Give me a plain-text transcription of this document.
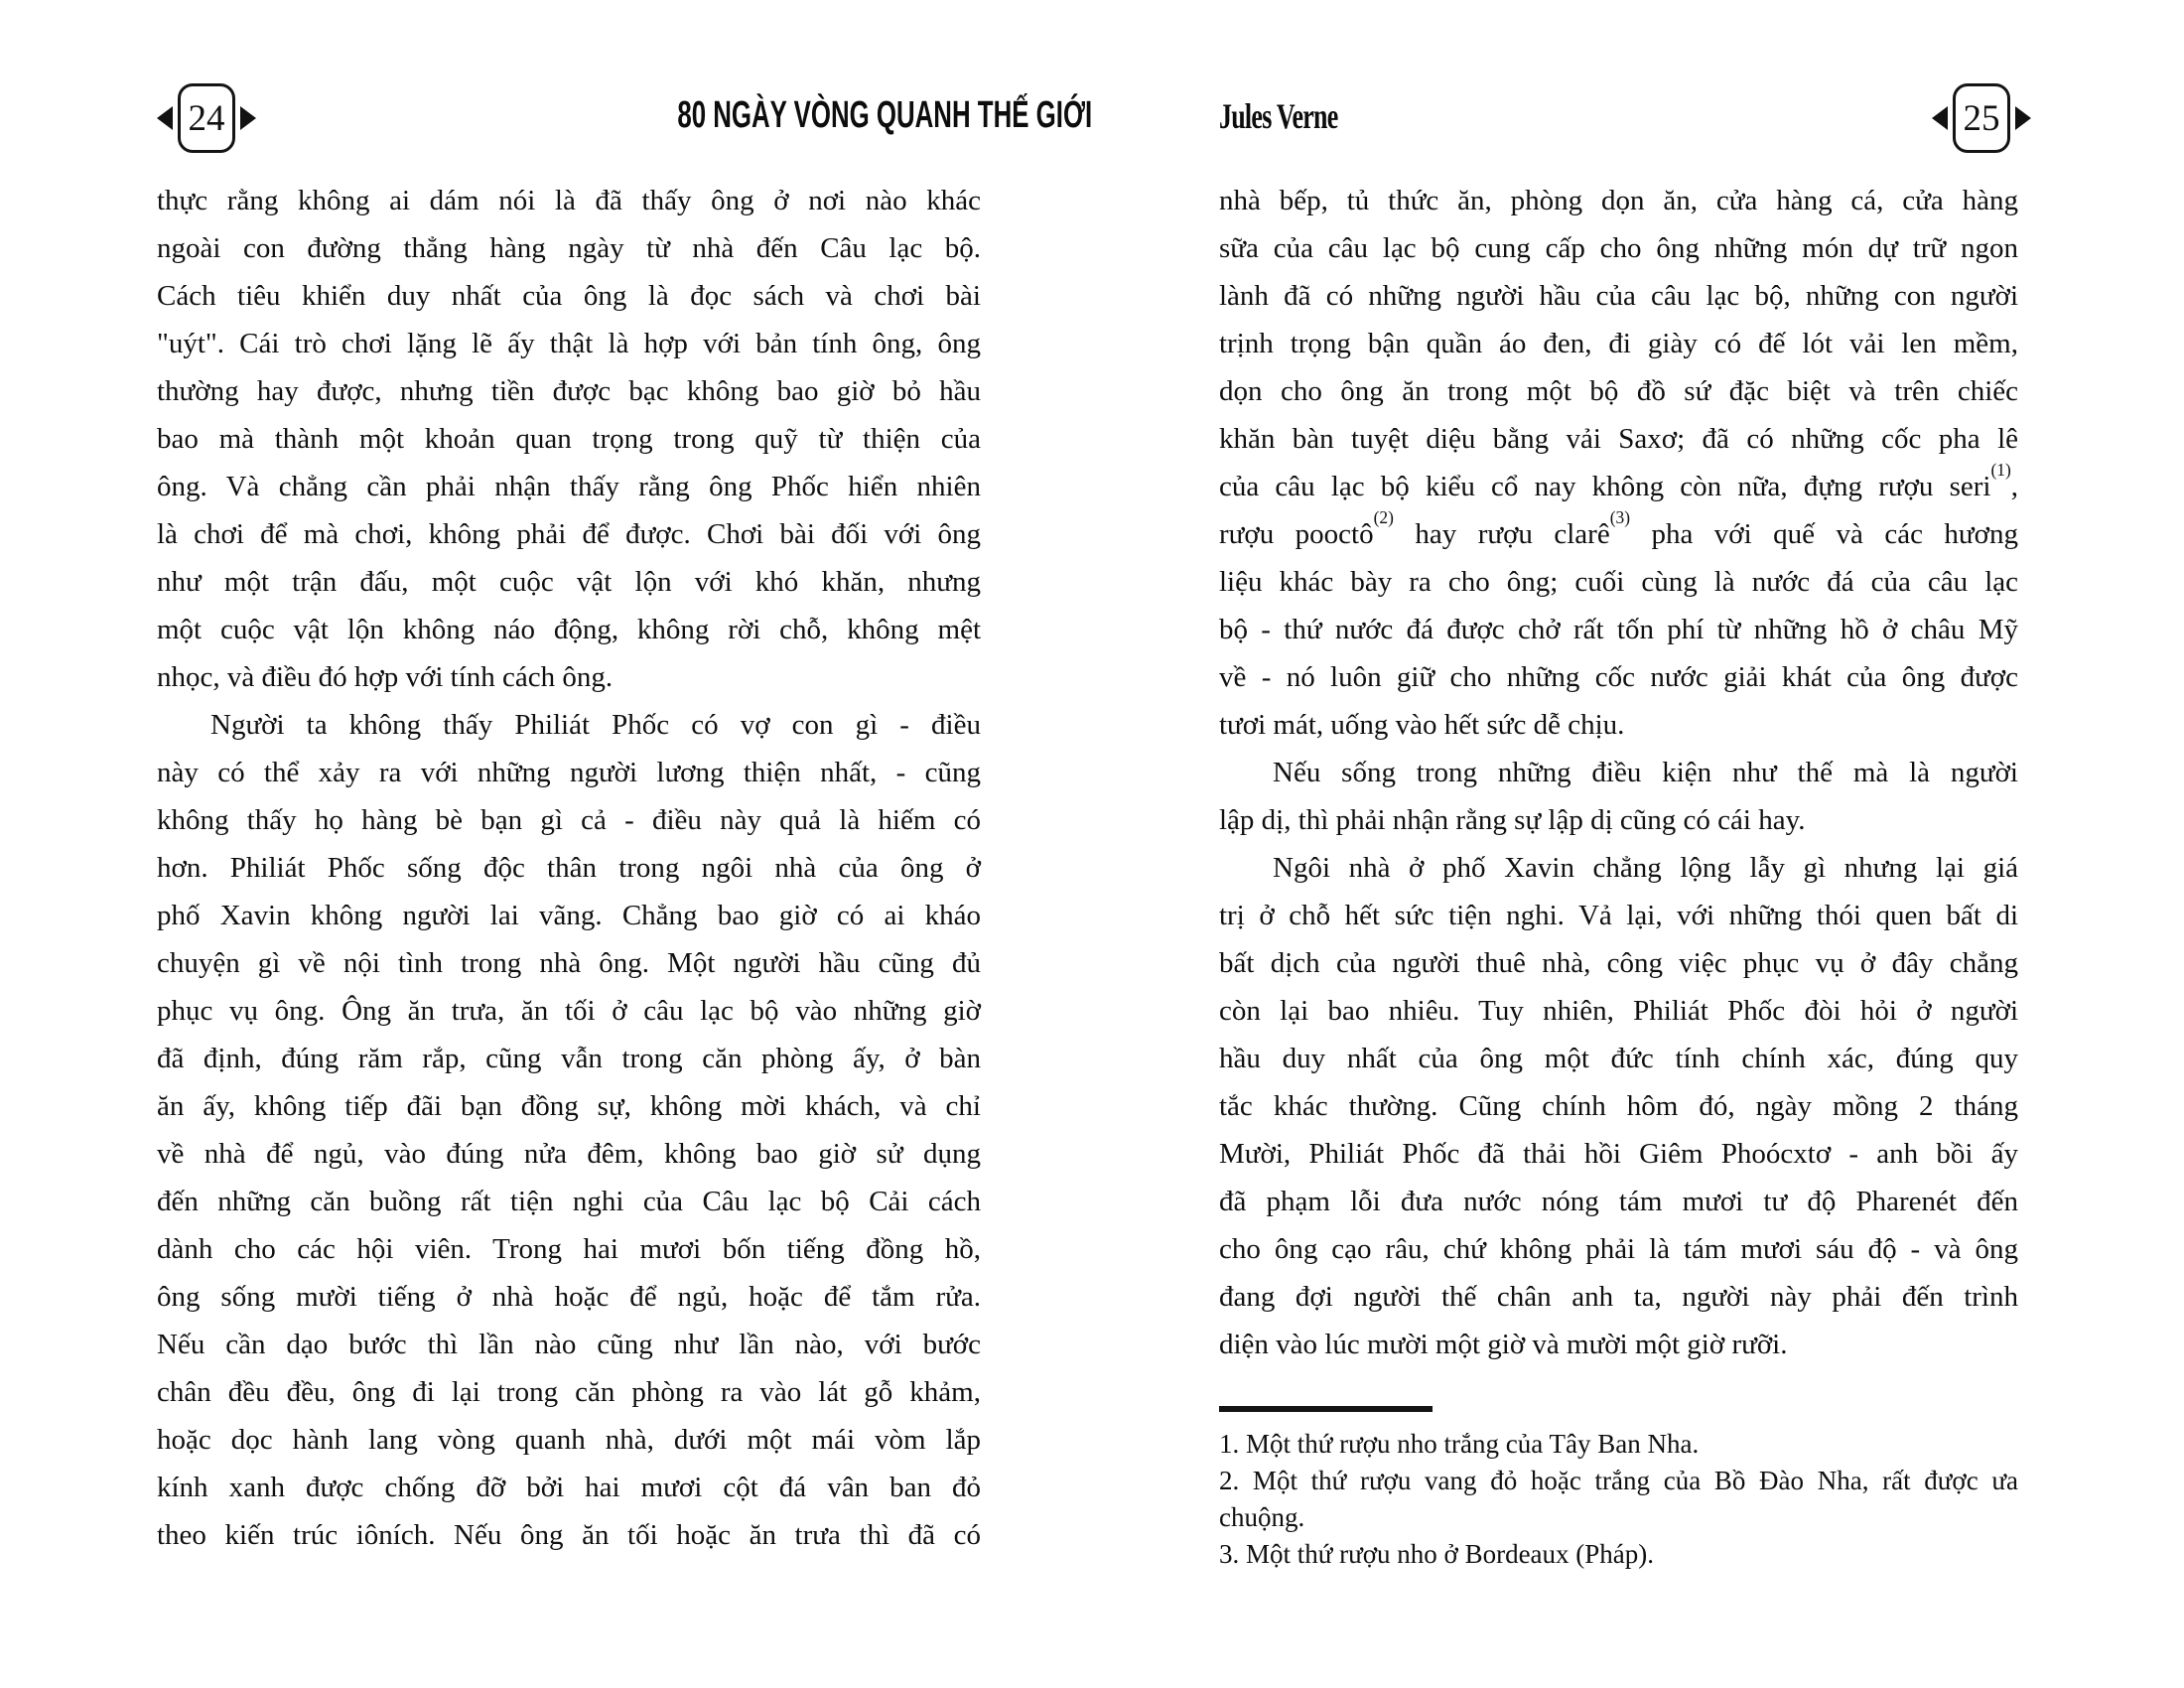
24	80 NGÀY VÒNG QUANH THẾ GIỚI	Jules Verne	25
thực rằng không ai dám nói là đã thấy ông ở nơi nào khác
ngoài con đường thẳng hàng ngày từ nhà đến Câu lạc bộ.
Cách tiêu khiển duy nhất của ông là đọc sách và chơi bài
"uýt". Cái trò chơi lặng lẽ ấy thật là hợp với bản tính ông, ông
thường hay được, nhưng tiền được bạc không bao giờ bỏ hầu
bao mà thành một khoản quan trọng trong quỹ từ thiện của
ông. Và chẳng cần phải nhận thấy rằng ông Phốc hiển nhiên
là chơi để mà chơi, không phải để được. Chơi bài đối với ông
như một trận đấu, một cuộc vật lộn với khó khăn, nhưng
một cuộc vật lộn không náo động, không rời chỗ, không mệt
nhọc, và điều đó hợp với tính cách ông.
Người ta không thấy Philiát Phốc có vợ con gì - điều
này có thể xảy ra với những người lương thiện nhất, - cũng
không thấy họ hàng bè bạn gì cả - điều này quả là hiếm có
hơn. Philiát Phốc sống độc thân trong ngôi nhà của ông ở
phố Xavin không người lai vãng. Chẳng bao giờ có ai kháo
chuyện gì về nội tình trong nhà ông. Một người hầu cũng đủ
phục vụ ông. Ông ăn trưa, ăn tối ở câu lạc bộ vào những giờ
đã định, đúng răm rắp, cũng vẫn trong căn phòng ấy, ở bàn
ăn ấy, không tiếp đãi bạn đồng sự, không mời khách, và chỉ
về nhà để ngủ, vào đúng nửa đêm, không bao giờ sử dụng
đến những căn buồng rất tiện nghi của Câu lạc bộ Cải cách
dành cho các hội viên. Trong hai mươi bốn tiếng đồng hồ,
ông sống mười tiếng ở nhà hoặc để ngủ, hoặc để tắm rửa.
Nếu cần dạo bước thì lần nào cũng như lần nào, với bước
chân đều đều, ông đi lại trong căn phòng ra vào lát gỗ khảm,
hoặc dọc hành lang vòng quanh nhà, dưới một mái vòm lắp
kính xanh được chống đỡ bởi hai mươi cột đá vân ban đỏ
theo kiến trúc iôních. Nếu ông ăn tối hoặc ăn trưa thì đã có
nhà bếp, tủ thức ăn, phòng dọn ăn, cửa hàng cá, cửa hàng
sữa của câu lạc bộ cung cấp cho ông những món dự trữ ngon
lành đã có những người hầu của câu lạc bộ, những con người
trịnh trọng bận quần áo đen, đi giày có đế lót vải len mềm,
dọn cho ông ăn trong một bộ đồ sứ đặc biệt và trên chiếc
khăn bàn tuyệt diệu bằng vải Saxơ; đã có những cốc pha lê
của câu lạc bộ kiểu cổ nay không còn nữa, đựng rượu seri$^{(1)}$,
rượu pooctô$^{(2)}$ hay rượu clarê$^{(3)}$ pha với quế và các hương
liệu khác bày ra cho ông; cuối cùng là nước đá của câu lạc
bộ - thứ nước đá được chở rất tốn phí từ những hồ ở châu Mỹ
về - nó luôn giữ cho những cốc nước giải khát của ông được
tươi mát, uống vào hết sức dễ chịu.
Nếu sống trong những điều kiện như thế mà là người
lập dị, thì phải nhận rằng sự lập dị cũng có cái hay.
Ngôi nhà ở phố Xavin chẳng lộng lẫy gì nhưng lại giá
trị ở chỗ hết sức tiện nghi. Vả lại, với những thói quen bất di
bất dịch của người thuê nhà, công việc phục vụ ở đây chẳng
còn lại bao nhiêu. Tuy nhiên, Philiát Phốc đòi hỏi ở người
hầu duy nhất của ông một đức tính chính xác, đúng quy
tắc khác thường. Cũng chính hôm đó, ngày mồng 2 tháng
Mười, Philiát Phốc đã thải hồi Giêm Phoócxtơ - anh bồi ấy
đã phạm lỗi đưa nước nóng tám mươi tư độ Pharenét đến
cho ông cạo râu, chứ không phải là tám mươi sáu độ - và ông
đang đợi người thế chân anh ta, người này phải đến trình
diện vào lúc mười một giờ và mười một giờ rưỡi.
1. Một thứ rượu nho trắng của Tây Ban Nha.
2. Một thứ rượu vang đỏ hoặc trắng của Bồ Đào Nha, rất được ưa
chuộng.
3. Một thứ rượu nho ở Bordeaux (Pháp).
